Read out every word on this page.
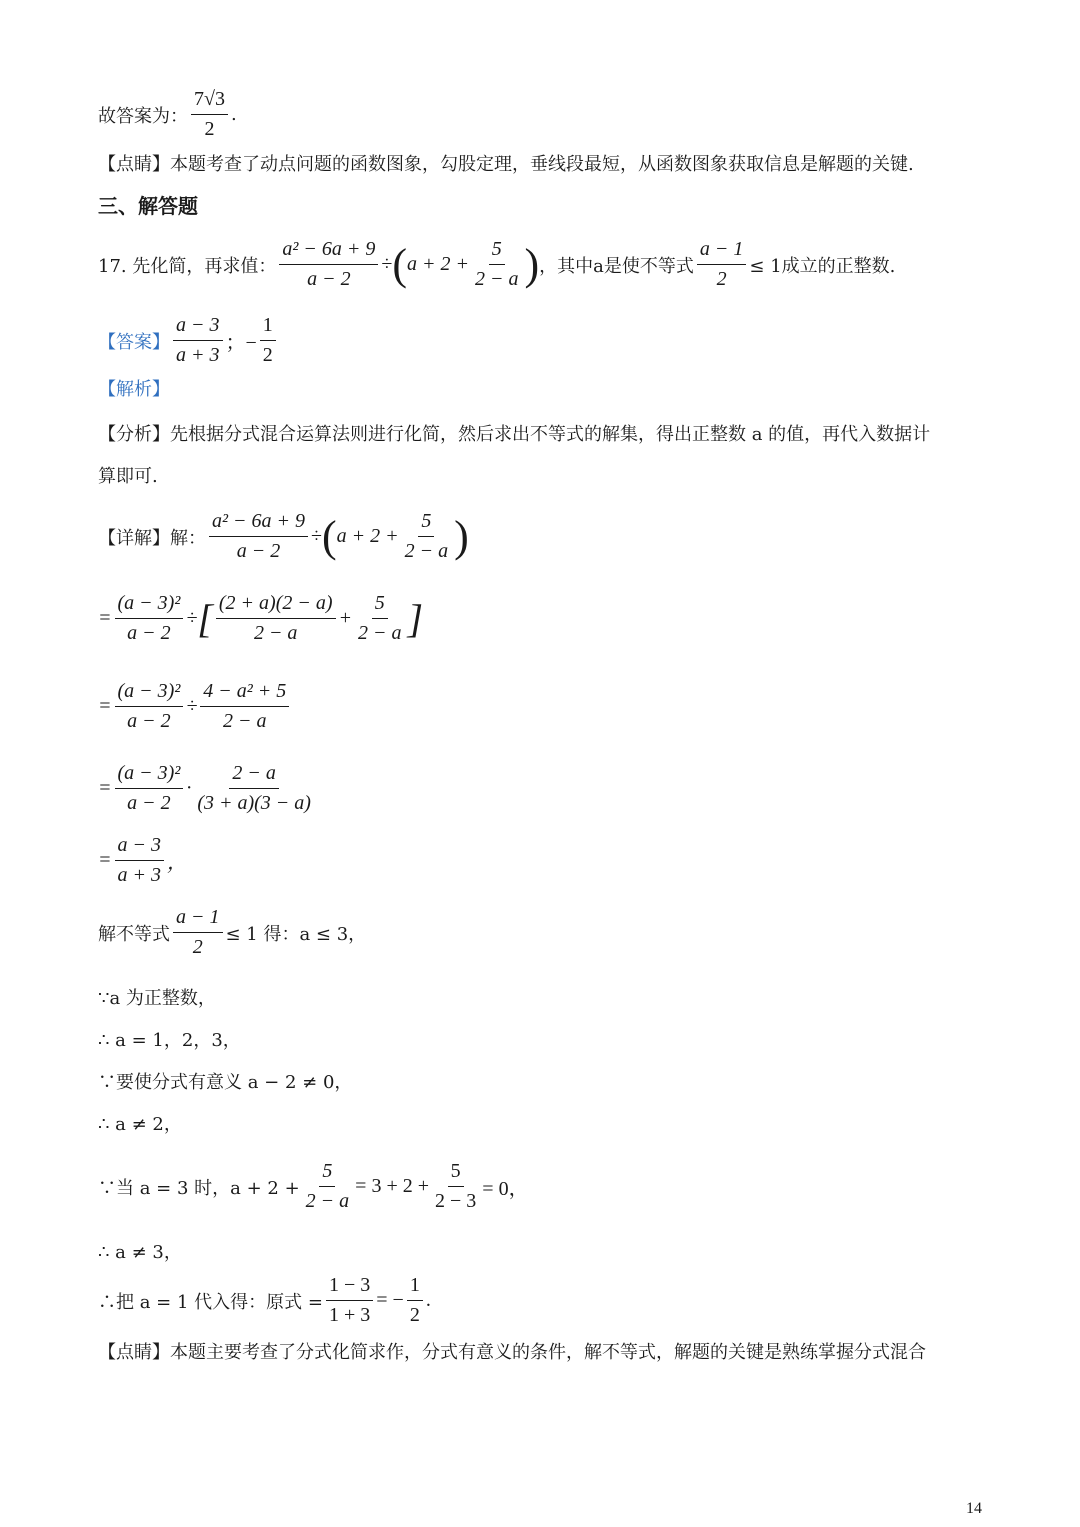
故答案为： $\frac{7√3}{2}$ .
【点睛】本题考查了动点问题的函数图象，勾股定理，垂线段最短，从函数图象获取信息是解题的关键.
三、解答题
17. 先化简，再求值： $\frac{\text{a² − 6a + 9}}{a - 2}$ ÷ ( $a + 2 + \frac{5}{2 - a}$ ) ，其中a是使不等式 $\frac{a - 1}{2} \le 1$成立的正整数.
【答案】 $\frac{a - 3}{a + 3}$ ；− $\frac{1}{2}$
【解析】
【分析】先根据分式混合运算法则进行化简，然后求出不等式的解集，得出正整数 a 的值，再代入数据计
算即可.
【详解】解： $\frac{\text{a² − 6a + 9}}{a - 2}$ ÷ ( $a + 2 + \frac{5}{2 - a}$ )
= $\frac{\text{(a − 3)²}}{a - 2}$ ÷ [ $\frac{(2 + a)(2 - a)}{2 - a} + \frac{5}{2 - a}$ ]
= $\frac{\text{(a − 3)²}}{a - 2} \div \frac{\text{4 − a² + 5}}{2 - a}$
= $\frac{\text{(a − 3)²}}{a - 2} \cdot \frac{2 - a}{(3 + a)(3 - a)}$
= $\frac{a - 3}{a + 3}$ ，
解不等式 $\frac{a - 1}{2} \le 1$ 得：a ≤ 3，
∵a 为正整数，
∴ a = 1，2，3，
∵要使分式有意义 a − 2 ≠ 0，
∴ a ≠ 2，
∵当 a = 3 时，$a + 2 + \frac{5}{2 - a} = 3 + 2 + \frac{5}{2 - 3} = 0$，
∴ a ≠ 3，
∴把 a = 1 代入得：原式 = $\frac{1 - 3}{1 + 3}$ = − $\frac{1}{2}$ .
【点睛】本题主要考查了分式化简求作，分式有意义的条件，解不等式，解题的关键是熟练掌握分式混合
14
